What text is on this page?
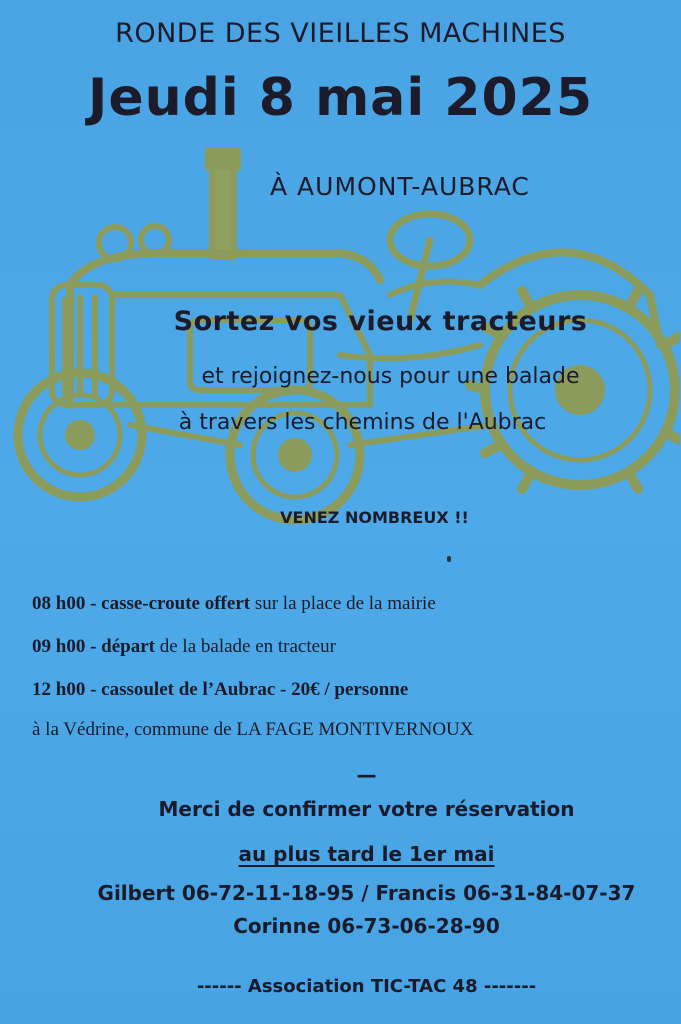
RONDE DES VIEILLES MACHINES
Jeudi 8 mai 2025
À AUMONT-AUBRAC
Sortez vos vieux tracteurs
et rejoignez-nous pour une balade
à travers les chemins de l'Aubrac
VENEZ NOMBREUX !!
08 h00 - casse-croute offert sur la place de la mairie
09 h00 - départ de la balade en tracteur
12 h00 - cassoulet de l’Aubrac - 20€ / personne
à la Védrine, commune de LA FAGE MONTIVERNOUX
—
Merci de confirmer votre réservation
au plus tard le 1er mai
Gilbert 06-72-11-18-95 / Francis 06-31-84-07-37
Corinne 06-73-06-28-90
------ Association TIC-TAC 48 -------
